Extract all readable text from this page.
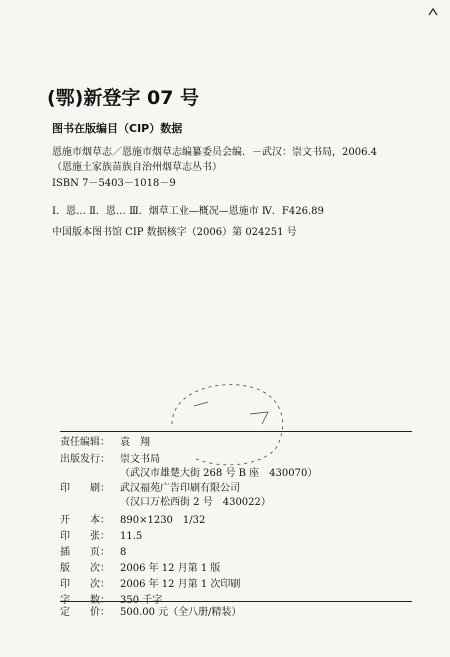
(鄂)新登字 07 号
图书在版编目（CIP）数据
恩施市烟草志／恩施市烟草志编纂委员会编．－武汉：崇文书局，2006.4
（恩施土家族苗族自治州烟草志丛书）
ISBN 7－5403－1018－9
Ⅰ．恩… Ⅱ．恩… Ⅲ．烟草工业—概况—恩施市 Ⅳ．F426.89
中国版本图书馆 CIP 数据核字（2006）第 024251 号
责任编辑： 袁　翔
出版发行： 崇文书局
（武汉市雄楚大街 268 号 B 座　430070）
印　　刷： 武汉福苑广告印刷有限公司
（汉口万松西街 2 号　430022）
开　　本： 890×1230　1/32
印　　张： 11.5
插　　页： 8
版　　次： 2006 年 12 月第 1 版
印　　次： 2006 年 12 月第 1 次印刷
定　　价： 500.00 元（全八册/精装）
